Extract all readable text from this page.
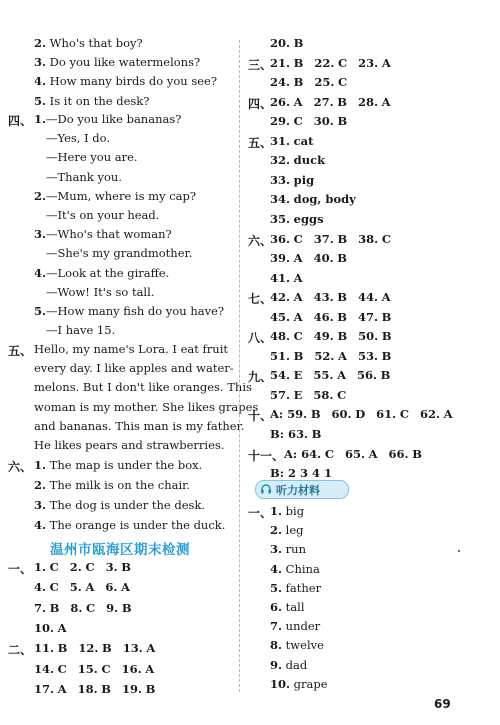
2. Who's that boy?
3. Do you like watermelons?
4. How many birds do you see?
5. Is it on the desk?
四、 1.—Do you like bananas?
—Yes, I do.
—Here you are.
—Thank you.
2.—Mum, where is my cap?
—It's on your head.
3.—Who's that woman?
—She's my grandmother.
4.—Look at the giraffe.
—Wow! It's so tall.
5.—How many fish do you have?
—I have 15.
五、 Hello, my name's Lora. I eat fruit
every day. I like apples and water-
melons. But I don't like oranges. This
woman is my mother. She likes grapes
and bananas. This man is my father.
He likes pears and strawberries.
六、 1. The map is under the box.
2. The milk is on the chair.
3. The dog is under the desk.
4. The orange is under the duck.
一、 1. C 2. C 3. B
4. C 5. A 6. A
7. B 8. C 9. B
10. A
二、 11. B 12. B 13. A
14. C 15. C 16. A
17. A 18. B 19. B
20. B
三、
21. B 22. C 23. A
24. B 25. C
四、
26. A 27. B 28. A
29. C 30. B
五、
31. cat
32. duck
33. pig
34. dog, body
35. eggs
六、
36. C 37. B 38. C
39. A 40. B
41. A
七、
42. A 43. B 44. A
45. A 46. B 47. B
八、
48. C 49. B 50. B
51. B 52. A 53. B
九、
54. E 55. A 56. B
57. E 58. C
十、
A: 59. B 60. D 61. C 62. A
B: 63. B
十一、 A: 64. C 65. A 66. B
B: 2 3 4 1
一、
1. big
2. leg
3. run
4. China
5. father
6. tall
7. under
8. twelve
9. dad
10. grape
温州市瓯海区期末检测
听力材料
69
